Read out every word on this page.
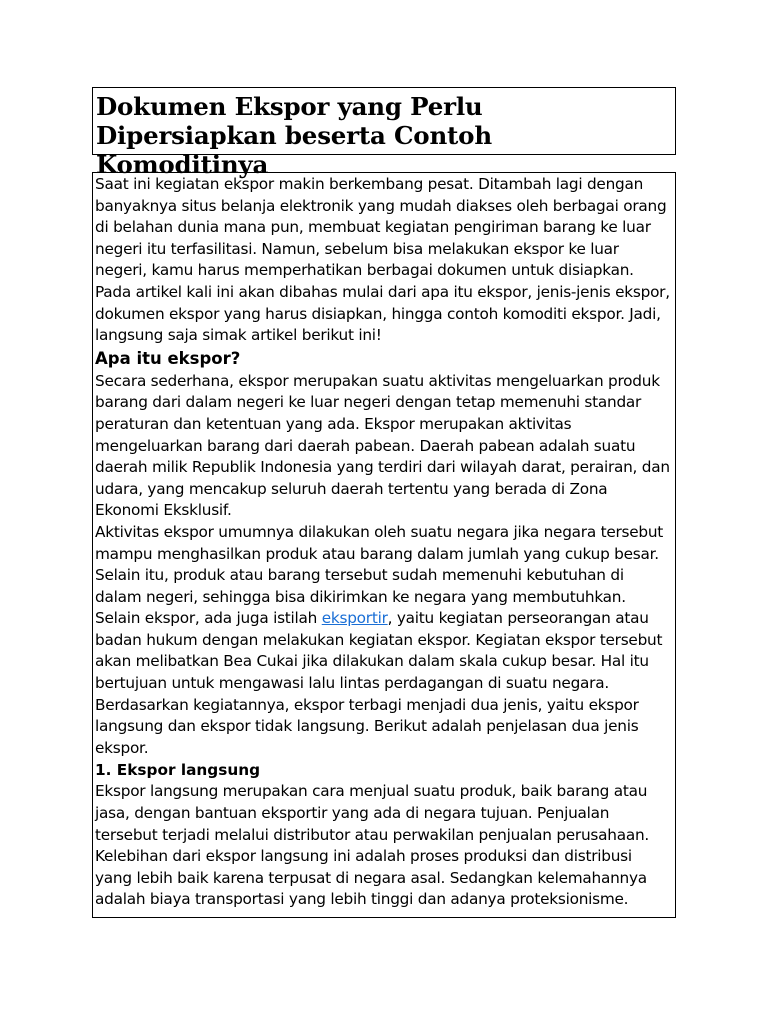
Dokumen Ekspor yang Perlu Dipersiapkan beserta Contoh Komoditinya

Saat ini kegiatan ekspor makin berkembang pesat. Ditambah lagi dengan banyaknya situs belanja elektronik yang mudah diakses oleh berbagai orang di belahan dunia mana pun, membuat kegiatan pengiriman barang ke luar negeri itu terfasilitasi. Namun, sebelum bisa melakukan ekspor ke luar negeri, kamu harus memperhatikan berbagai dokumen untuk disiapkan. Pada artikel kali ini akan dibahas mulai dari apa itu ekspor, jenis-jenis ekspor, dokumen ekspor yang harus disiapkan, hingga contoh komoditi ekspor. Jadi, langsung saja simak artikel berikut ini!

Apa itu ekspor?

Secara sederhana, ekspor merupakan suatu aktivitas mengeluarkan produk barang dari dalam negeri ke luar negeri dengan tetap memenuhi standar peraturan dan ketentuan yang ada. Ekspor merupakan aktivitas mengeluarkan barang dari daerah pabean. Daerah pabean adalah suatu daerah milik Republik Indonesia yang terdiri dari wilayah darat, perairan, dan udara, yang mencakup seluruh daerah tertentu yang berada di Zona Ekonomi Eksklusif.

Aktivitas ekspor umumnya dilakukan oleh suatu negara jika negara tersebut mampu menghasilkan produk atau barang dalam jumlah yang cukup besar. Selain itu, produk atau barang tersebut sudah memenuhi kebutuhan di dalam negeri, sehingga bisa dikirimkan ke negara yang membutuhkan.

Selain ekspor, ada juga istilah eksportir, yaitu kegiatan perseorangan atau badan hukum dengan melakukan kegiatan ekspor. Kegiatan ekspor tersebut akan melibatkan Bea Cukai jika dilakukan dalam skala cukup besar. Hal itu bertujuan untuk mengawasi lalu lintas perdagangan di suatu negara.

Berdasarkan kegiatannya, ekspor terbagi menjadi dua jenis, yaitu ekspor langsung dan ekspor tidak langsung. Berikut adalah penjelasan dua jenis ekspor.

1. Ekspor langsung

Ekspor langsung merupakan cara menjual suatu produk, baik barang atau jasa, dengan bantuan eksportir yang ada di negara tujuan. Penjualan tersebut terjadi melalui distributor atau perwakilan penjualan perusahaan. Kelebihan dari ekspor langsung ini adalah proses produksi dan distribusi yang lebih baik karena terpusat di negara asal. Sedangkan kelemahannya adalah biaya transportasi yang lebih tinggi dan adanya proteksionisme.
